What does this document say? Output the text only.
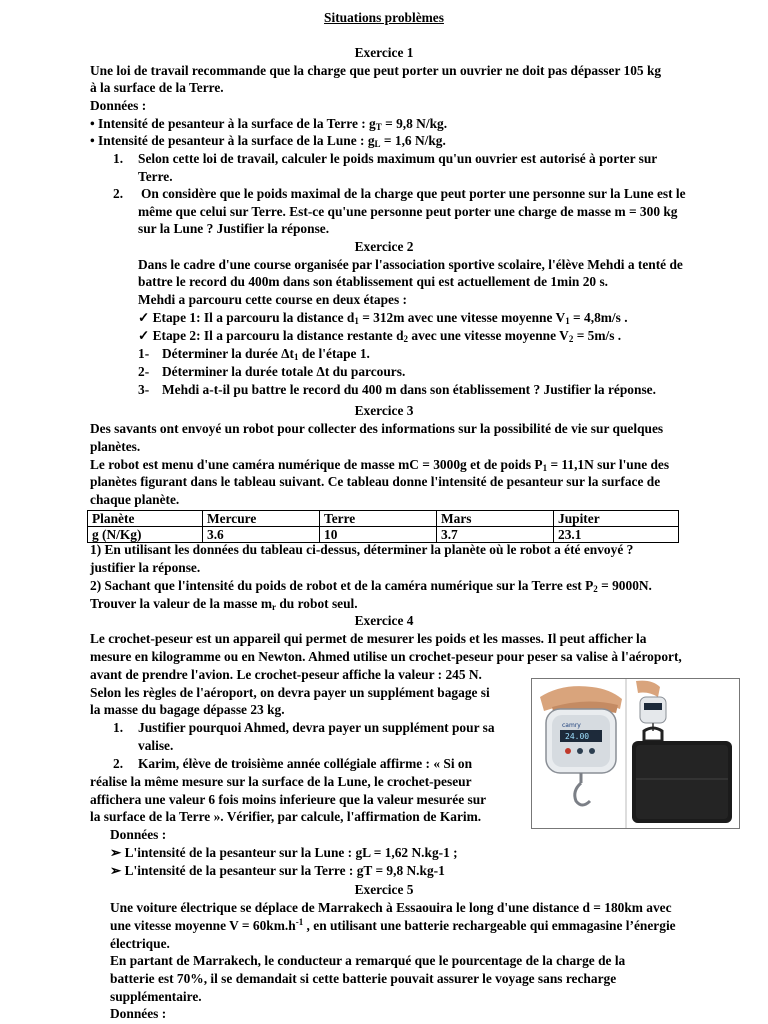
Situations problèmes
Exercice 1
Une loi de travail recommande que la charge que peut porter un ouvrier ne doit pas dépasser 105 kg
à la surface de la Terre.
Données :
• Intensité de pesanteur à la surface de la Terre : $g_T = 9,8$ N/kg.
• Intensité de pesanteur à la surface de la Lune : $g_L = 1,6$ N/kg.
1. Selon cette loi de travail, calculer le poids maximum qu'un ouvrier est autorisé à porter sur
Terre.
2. On considère que le poids maximal de la charge que peut porter une personne sur la Lune est le
même que celui sur Terre. Est-ce qu'une personne peut porter une charge de masse m = 300 kg
sur la Lune ? Justifier la réponse.
Exercice 2
Dans le cadre d'une course organisée par l'association sportive scolaire, l'élève Mehdi a tenté de
battre le record du 400m dans son établissement qui est actuellement de 1min 20 s.
Mehdi a parcouru cette course en deux étapes :
✓ Etape 1: Il a parcouru la distance $d_1 = 312m$ avec une vitesse moyenne $V_1 = 4,8m/s$ .
✓ Etape 2: Il a parcouru la distance restante $d_2$ avec une vitesse moyenne $V_2 = 5m/s$ .
1- Déterminer la durée $\Delta t_1$ de l'étape 1.
2- Déterminer la durée totale Δt du parcours.
3- Mehdi a-t-il pu battre le record du 400 m dans son établissement ? Justifier la réponse.
Exercice 3
Des savants ont envoyé un robot pour collecter des informations sur la possibilité de vie sur quelques
planètes.
Le robot est menu d'une caméra numérique de masse mC = 3000g et de poids $P_1 = 11,1N$ sur l'une des
planètes figurant dans le tableau suivant. Ce tableau donne l'intensité de pesanteur sur la surface de
chaque planète.
Planète	Mercure	Terre	Mars	Jupiter
g (N/Kg)	3.6	10	3.7	23.1
1) En utilisant les données du tableau ci-dessus, déterminer la planète où le robot a été envoyé ?
justifier la réponse.
2) Sachant que l'intensité du poids de robot et de la caméra numérique sur la Terre est $P_2 = 9000N$.
Trouver la valeur de la masse $m_r$ du robot seul.
Exercice 4
Le crochet-peseur est un appareil qui permet de mesurer les poids et les masses. Il peut afficher la
mesure en kilogramme ou en Newton. Ahmed utilise un crochet-peseur pour peser sa valise à l'aéroport,
avant de prendre l'avion. Le crochet-peseur affiche la valeur : 245 N.
Selon les règles de l'aéroport, on devra payer un supplément bagage si
la masse du bagage dépasse 23 kg.
1. Justifier pourquoi Ahmed, devra payer un supplément pour sa
valise.
2. Karim, élève de troisième année collégiale affirme : « Si on
réalise la même mesure sur la surface de la Lune, le crochet-peseur
affichera une valeur 6 fois moins inferieure que la valeur mesurée sur
la surface de la Terre ». Vérifier, par calcule, l'affirmation de Karim.
Données :
➢ L'intensité de la pesanteur sur la Lune : gL = 1,62 N.kg-1 ;
➢ L'intensité de la pesanteur sur la Terre : gT = 9,8 N.kg-1
camry
24.00
Exercice 5
Une voiture électrique se déplace de Marrakech à Essaouira le long d'une distance d = 180km avec
une vitesse moyenne $V = 60km.h^{-1}$ , en utilisant une batterie rechargeable qui emmagasine l’énergie
électrique.
En partant de Marrakech, le conducteur a remarqué que le pourcentage de la charge de la
batterie est 70%, il se demandait si cette batterie pouvait assurer le voyage sans recharge
supplémentaire.
Données :
